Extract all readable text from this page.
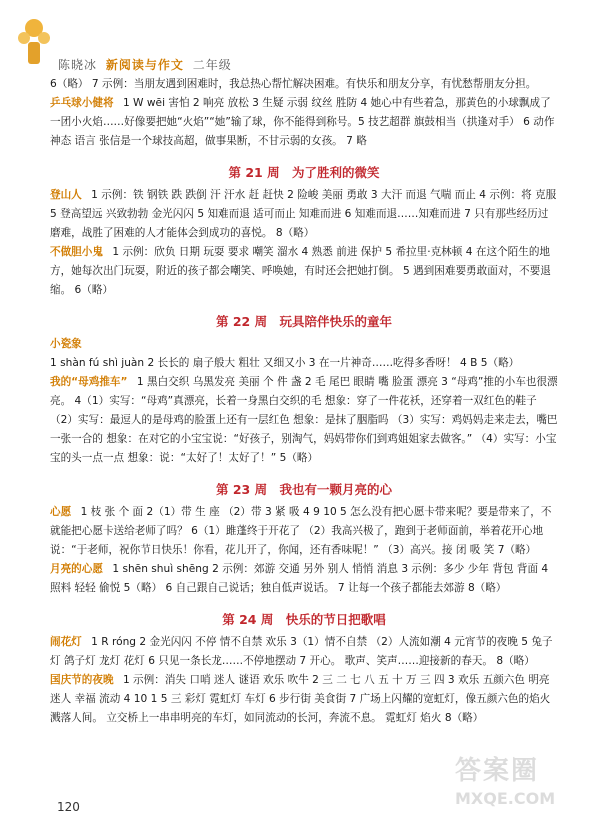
陈晓冰 新阅读与作文 二年级

6（略） 7 示例：当朋友遇到困难时，我总热心帮忙解决困难。有快乐和朋友分享，有忧愁帮朋友分担。

乒乓球小健将 1 W wēi 害怕 2 响亮 放松 3 生疑 示弱 纹丝 胜防 4 她心中有些着急，那黄色的小球飘成了一团小火焰……好像要把她“火焰”“她”输了球，你不能得到称号。5 技艺超群 旗鼓相当（拱逢对手） 6 动作 神态 语言 张信是一个球技高超，做事果断，不甘示弱的女孩。 7 略

第 21 周 为了胜利的微笑

登山人 1 示例：铁 钢铁 跌 跌倒 汗 汗水 赶 赶快 2 险峻 美丽 勇敢 3 大汗 而退 气喘 而止 4 示例：将 克服 5 登高望远 兴致勃勃 金光闪闪 5 知难而退 适可而止 知难而进 6 知难而退……知难而进 7 只有那些经历过磨难，战胜了困难的人才能体会到成功的喜悦。 8（略）

不做胆小鬼 1 示例：欣负 日期 玩耍 要求 嘲笑 溜水 4 熟悉 前进 保护 5 希拉里·克林顿 4 在这个陌生的地方，她每次出门玩耍，附近的孩子都会嘲笑、呼唤她，有时还会把她打倒。 5 遇到困难要勇敢面对，不要退缩。 6（略）

第 22 周 玩具陪伴快乐的童年

小瓷象 1 shàn fú shì juàn 2 长长的 扇子般大 粗壮 又细又小 3 在一片神奇……吃得多香呀！ 4 B 5（略）

我的“母鸡推车” 1 黑白交织 乌黑发亮 美丽 个 件 盏 2 毛 尾巴 眼睛 嘴 脸蛋 漂亮 3 “母鸡”推的小车也很漂亮。 4（1）实写：“母鸡”真漂亮，长着一身黑白交织的毛 想象：穿了一件花袄，还穿着一双红色的鞋子 （2）实写：最逗人的是母鸡的脸蛋上还有一层红色 想象：是抹了胭脂吗 （3）实写：鸡妈妈走来走去，嘴巴一张一合的 想象：在对它的小宝宝说：“好孩子，别淘气，妈妈带你们到鸡姐姐家去做客。” （4）实写：小宝宝的头一点一点 想象：说：“太好了！太好了！” 5（略）

第 23 周 我也有一颗月亮的心

心愿 1 枝 张 个 面 2（1）带 生 座 （2）带 3 紧 吸 4 9 10 5 怎么没有把心愿卡带来呢？要是带来了，不就能把心愿卡送给老师了吗？ 6（1）雎蓬终于开花了 （2）我高兴极了，跑到于老师面前，举着花开心地说：“于老师，祝你节日快乐！你看，花儿开了，你闻，还有香味呢！” （3）高兴。接 闭 吸 笑 7（略）

月亮的心愿 1 shēn shuì shēng 2 示例：郊游 交通 另外 别人 悄悄 消息 3 示例：多少 少年 背包 背面 4 照料 轻轻 偷悦 5（略） 6 自己跟自己说话；独自低声说话。 7 让每一个孩子都能去郊游 8（略）

第 24 周 快乐的节日把歌唱

闹花灯 1 R róng 2 金光闪闪 不停 情不自禁 欢乐 3（1）情不自禁 （2）人流如潮 4 元宵节的夜晚 5 兔子灯 鸽子灯 龙灯 花灯 6 只见一条长龙……不停地摆动 7 开心。 歌声、笑声……迎接新的春天。 8（略）

国庆节的夜晚 1 示例：消失 口哨 迷人 谜语 欢乐 吹牛 2 三 二 七 八 五 十 万 三 四 3 欢乐 五颜六色 明亮 迷人 幸福 流动 4 10 1 5 三 彩灯 霓虹灯 车灯 6 步行街 美食街 7 广场上闪耀的宽虹灯，像五颜六色的焰火溅落人间。 立交桥上一串串明亮的车灯，如同流动的长河，奔流不息。 霓虹灯 焰火 8（略）

120
答案圈
MXQE.COM
